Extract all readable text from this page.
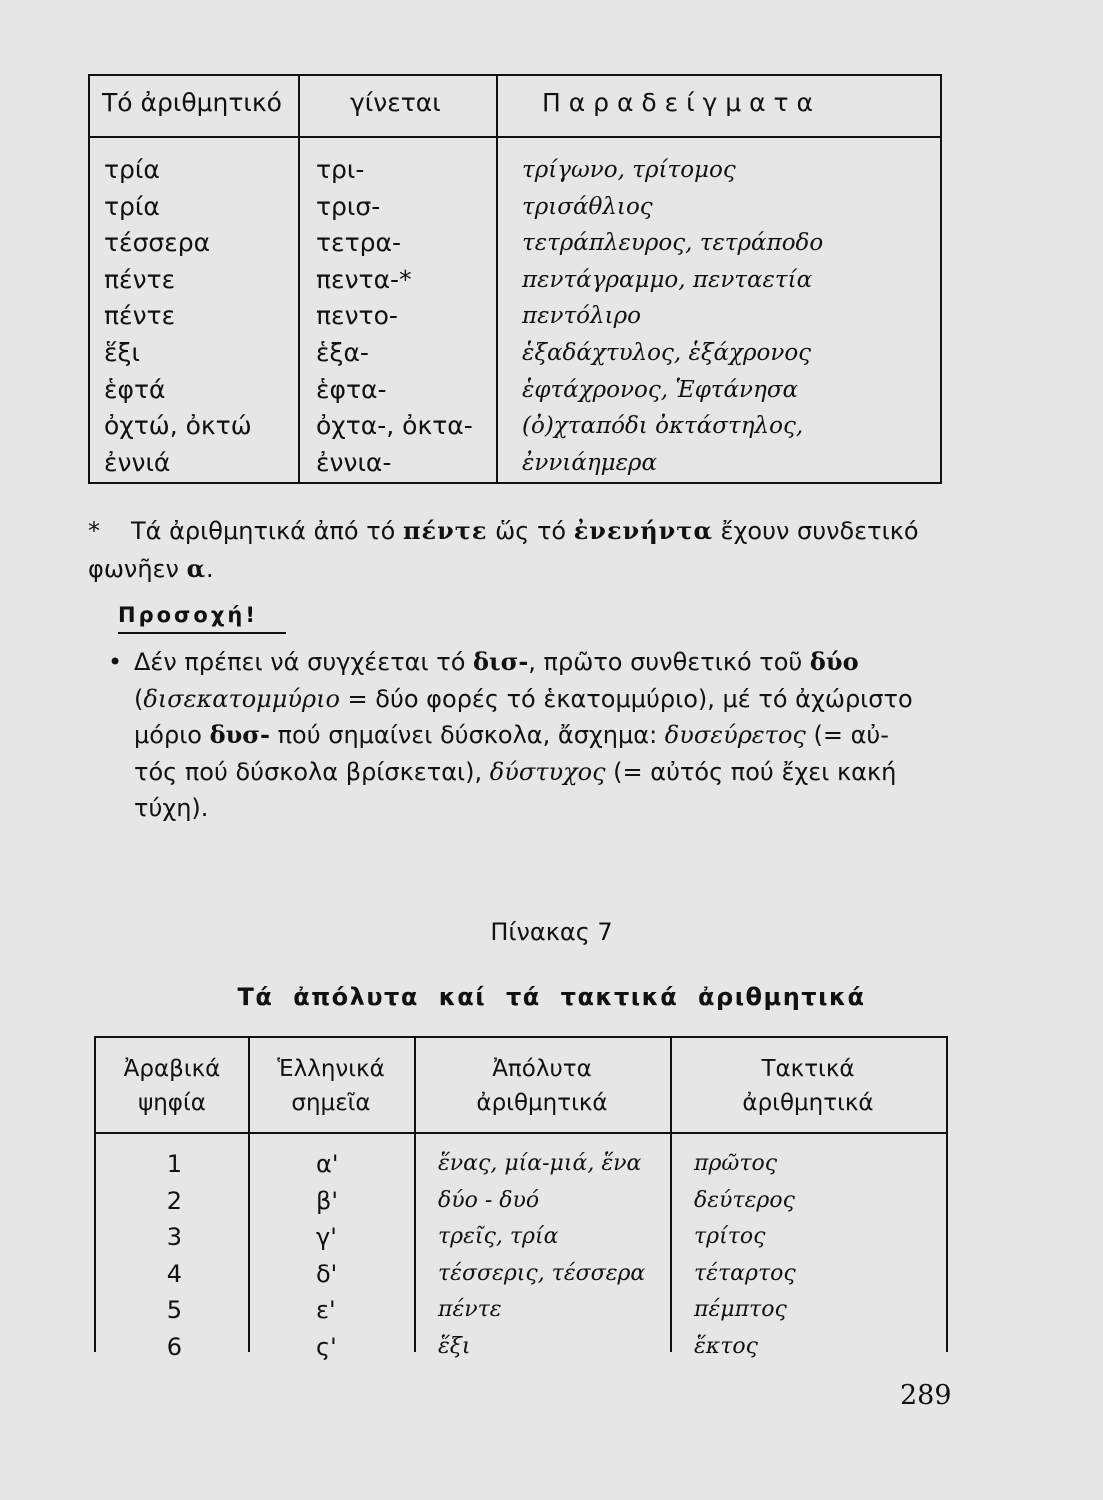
Τό ἀριθμητικό	γίνεται	Π α ρ α δ ε ί γ μ α τ α
τρία
τρία
τέσσερα
πέντε
πέντε
ἕξι
ἑφτά
ὀχτώ, ὀκτώ
ἐννιά
τρι-
τρισ-
τετρα-
πεντα-*
πεντο-
ἑξα-
ἑφτα-
ὀχτα-, ὀκτα-
ἐννια-
τρίγωνο, τρίτομος
τρισάθλιος
τετράπλευρος, τετράποδο
πεντάγραμμο, πενταετία
πεντόλιρο
ἑξαδάχτυλος, ἑξάχρονος
ἑφτάχρονος, Ἑφτάνησα
(ὀ)χταπόδι ὀκτάστηλος,
ἐννιάημερα
* Τά ἀριθμητικά ἀπό τό πέντε ὥς τό ἐνενήντα ἔχουν συνδετικό
φωνῆεν α.
Προσοχή!
• Δέν πρέπει νά συγχέεται τό δισ-, πρῶτο συνθετικό τοῦ δύο
(δισεκατομμύριο = δύο φορές τό ἑκατομμύριο), μέ τό ἀχώριστο
μόριο δυσ- πού σημαίνει δύσκολα, ἄσχημα: δυσεύρετος (= αὐ-
τός πού δύσκολα βρίσκεται), δύστυχος (= αὐτός πού ἔχει κακή
τύχη).
Πίνακας 7
Τά ἀπόλυτα καί τά τακτικά ἀριθμητικά
Ἀραβικά
ψηφία
Ἑλληνικά
σημεῖα
Ἀπόλυτα
ἀριθμητικά
Τακτικά
ἀριθμητικά
1
2
3
4
5
6
α'
β'
γ'
δ'
ε'
ς'
ἕνας, μία-μιά, ἕνα
δύο - δυό
τρεῖς, τρία
τέσσερις, τέσσερα
πέντε
ἕξι
πρῶτος
δεύτερος
τρίτος
τέταρτος
πέμπτος
ἕκτος
289
